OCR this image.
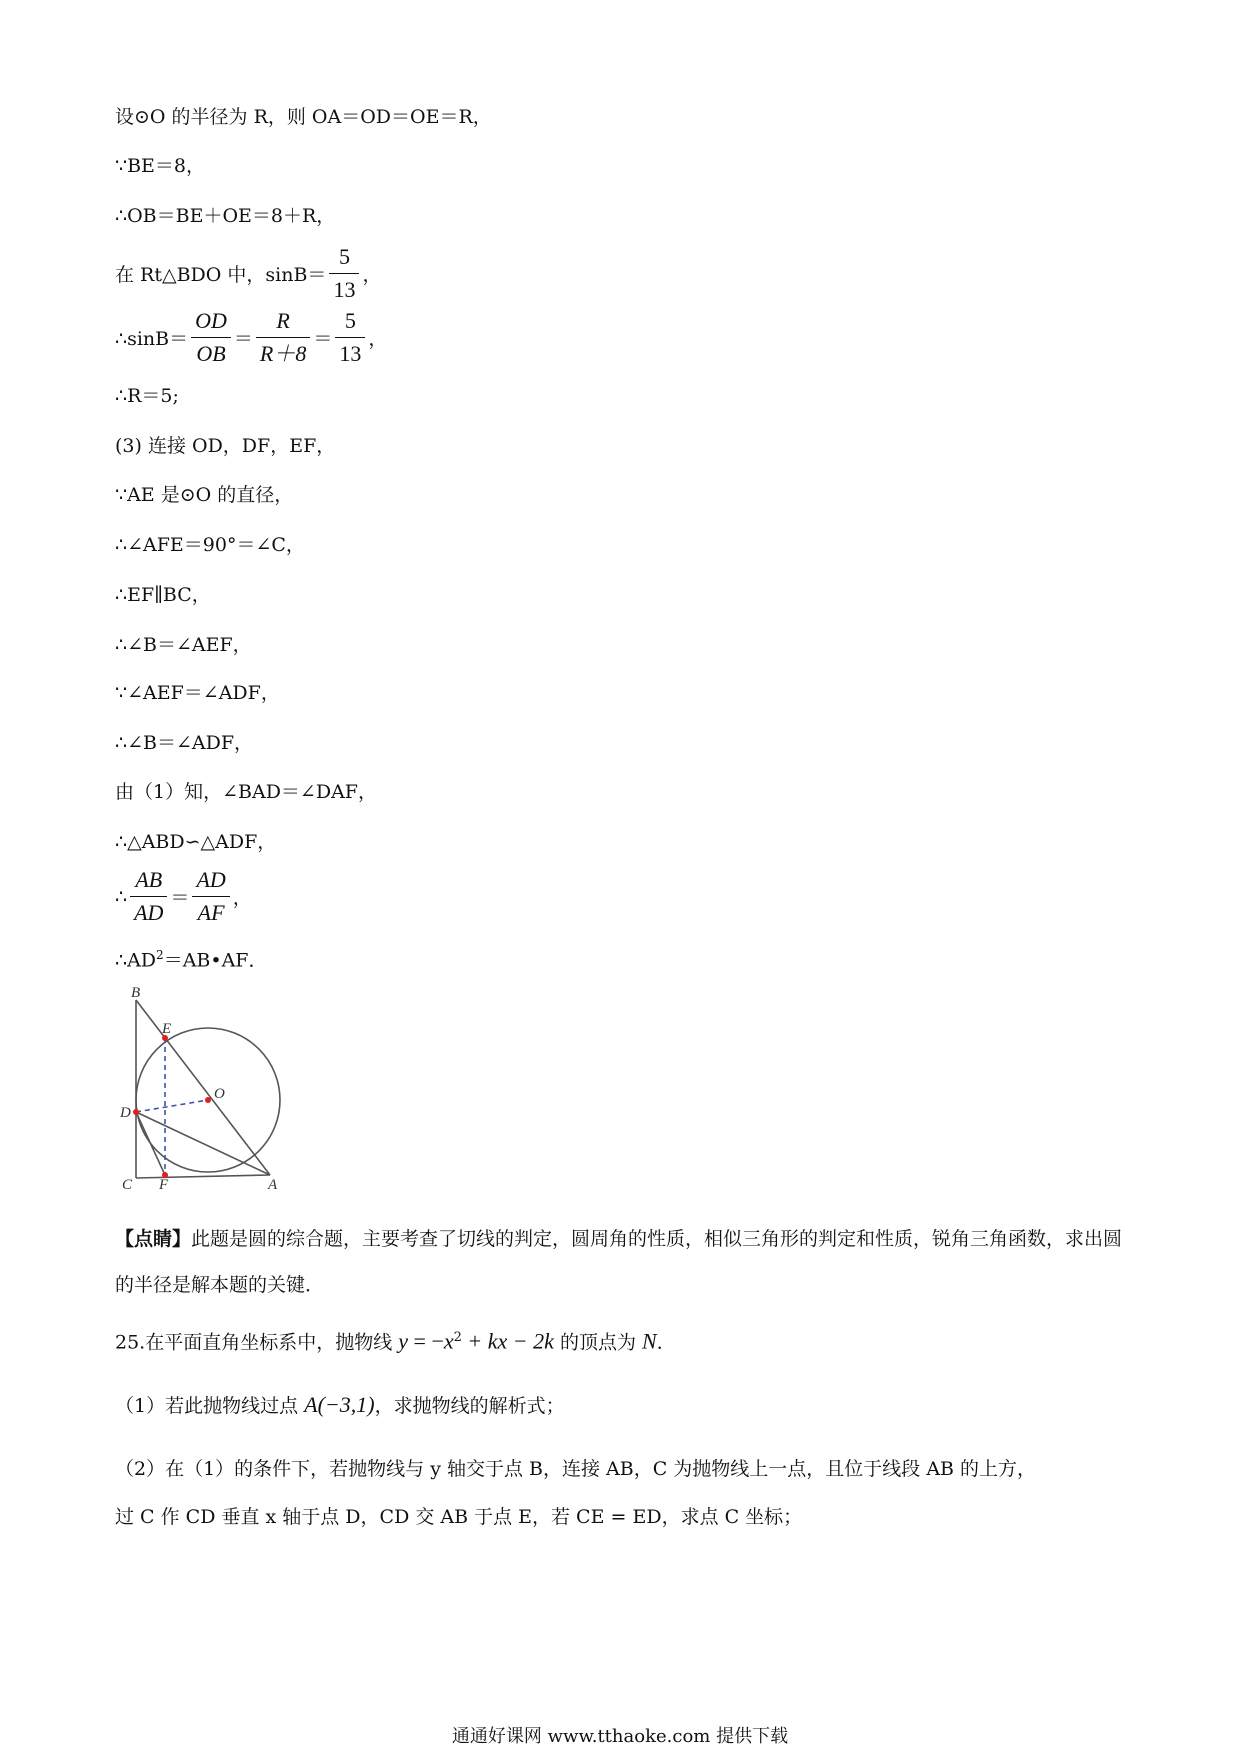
设⊙O 的半径为 R，则 OA＝OD＝OE＝R，
∵BE＝8，
∴OB＝BE＋OE＝8＋R，
在 Rt△BDO 中，$\sin B= \frac{5}{13}$ ，
∴sinB＝ $\frac{OD}{OB} = \frac{R}{R+8} = \frac{5}{13}$ ，
∴R＝5;
(3) 连接 OD，DF，EF，
∵AE 是⊙O 的直径，
∴∠AFE＝90°＝∠C，
∴EF∥BC，
∴∠B＝∠AEF，
∵∠AEF＝∠ADF，
∴∠B＝∠ADF，
由（1）知，∠BAD＝∠DAF，
∴△ABD∽△ADF，
∴ $\frac{AB}{AD} = \frac{AD}{AF}$ ，
$\therefore AD^2=AB•AF$．
B
E
O
D
C F	A
【点睛】此题是圆的综合题，主要考查了切线的判定，圆周角的性质，相似三角形的判定和性质，锐角三角函数，求出圆的半径是解本题的关键．
25.在平面直角坐标系中，抛物线 $y = -x^2$ + kx − 2k 的顶点为 N．
（1）若此抛物线过点 A(−3,1)，求抛物线的解析式；
（2）在（1）的条件下，若抛物线与 y 轴交于点 B，连接 AB，C 为抛物线上一点，且位于线段 AB 的上方，
过 C 作 CD 垂直 x 轴于点 D，CD 交 AB 于点 E，若 CE = ED，求点 C 坐标；
通通好课网 www.tthaoke.com 提供下载
